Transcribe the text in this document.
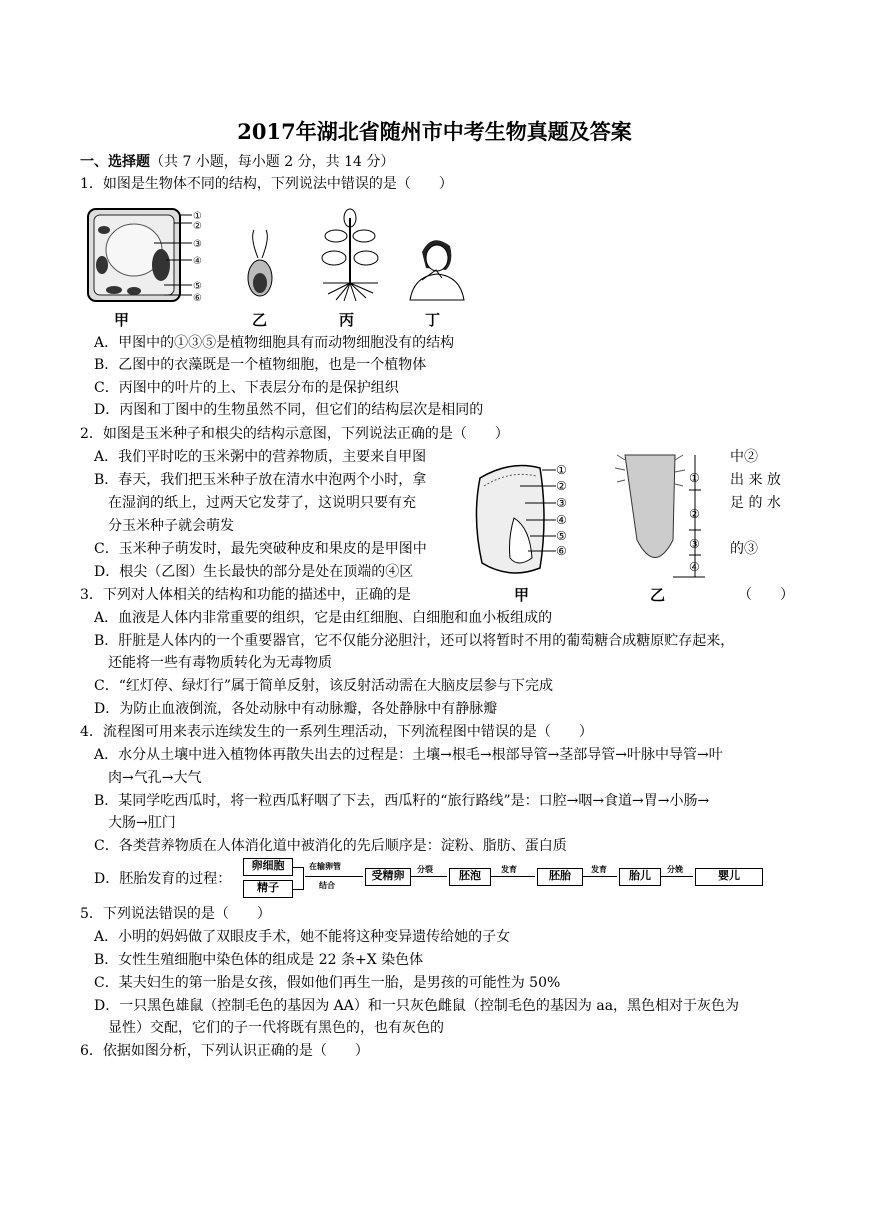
2017年湖北省随州市中考生物真题及答案
一、选择题（共 7 小题，每小题 2 分，共 14 分）
1．如图是生物体不同的结构，下列说法中错误的是（　　）
①
②
③
④
⑤
⑥
甲	乙	丙	丁
A．甲图中的①③⑤是植物细胞具有而动物细胞没有的结构
B．乙图中的衣藻既是一个植物细胞，也是一个植物体
C．丙图中的叶片的上、下表层分布的是保护组织
D．丙图和丁图中的生物虽然不同，但它们的结构层次是相同的
2．如图是玉米种子和根尖的结构示意图，下列说法正确的是（　　）
A．我们平时吃的玉米粥中的营养物质，主要来自甲图
B．春天，我们把玉米种子放在清水中泡两个小时，拿
在湿润的纸上，过两天它发芽了，这说明只要有充
分玉米种子就会萌发
C．玉米种子萌发时，最先突破种皮和果皮的是甲图中
D．根尖（乙图）生长最快的部分是处在顶端的④区
中②
出 来 放
足 的 水
的③
①
②
③
④
⑤
⑥
①
②
③
④
甲	乙
3．下列对人体相关的结构和功能的描述中，正确的是	（　　）
A．血液是人体内非常重要的组织，它是由红细胞、白细胞和血小板组成的
B．肝脏是人体内的一个重要器官，它不仅能分泌胆汁，还可以将暂时不用的葡萄糖合成糖原贮存起来，
还能将一些有毒物质转化为无毒物质
C．“红灯停、绿灯行”属于简单反射，该反射活动需在大脑皮层参与下完成
D．为防止血液倒流，各处动脉中有动脉瓣，各处静脉中有静脉瓣
4．流程图可用来表示连续发生的一系列生理活动，下列流程图中错误的是（　　）
A．水分从土壤中进入植物体再散失出去的过程是：土壤→根毛→根部导管→茎部导管→叶脉中导管→叶
肉→气孔→大气
B．某同学吃西瓜时，将一粒西瓜籽咽了下去，西瓜籽的“旅行路线”是：口腔→咽→食道→胃→小肠→
大肠→肛门
C．各类营养物质在人体消化道中被消化的先后顺序是：淀粉、脂肪、蛋白质
D．胚胎发育的过程：
卵细胞
精子
在输卵管
结合
受精卵	分裂	胚泡	发育	胚胎	发育	胎儿	分娩	婴儿
5．下列说法错误的是（　　）
A．小明的妈妈做了双眼皮手术，她不能将这种变异遗传给她的子女
B．女性生殖细胞中染色体的组成是 22 条+X 染色体
C．某夫妇生的第一胎是女孩，假如他们再生一胎，是男孩的可能性为 50%
D．一只黑色雄鼠（控制毛色的基因为 AA）和一只灰色雌鼠（控制毛色的基因为 aa，黑色相对于灰色为
显性）交配，它们的子一代将既有黑色的，也有灰色的
6．依据如图分析，下列认识正确的是（　　）
